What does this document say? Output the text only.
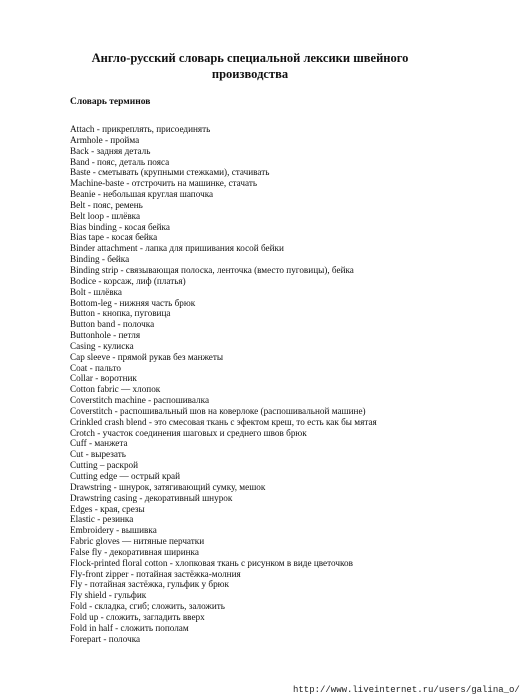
Англо-русский словарь специальной лексики швейного
производства
Словарь терминов
Attach - прикреплять, присоединять
Armhole - пройма
Back - задняя деталь
Band - пояс, деталь пояса
Baste - сметывать (крупными стежками), стачивать
Machine-baste - отстрочить на машинке, стачать
Beanie - небольшая круглая шапочка
Belt - пояс, ремень
Belt loop - шлёвка
Bias binding - косая бейка
Bias tape - косая бейка
Binder attachment - лапка для пришивания косой бейки
Binding - бейка
Binding strip - связывающая полоска, ленточка (вместо пуговицы), бейка
Bodice - корсаж, лиф (платья)
Bolt - шлёвка
Bottom-leg - нижняя часть брюк
Button - кнопка, пуговица
Button band - полочка
Buttonhole - петля
Casing - кулиска
Cap sleeve - прямой рукав без манжеты
Coat - пальто
Collar - воротник
Cotton fabric — хлопок
Coverstitch machine - распошивалка
Coverstitch - распошивальный шов на коверлоке (распошивальной машине)
Crinkled crash blend - это смесовая ткань с эфектом креш, то есть как бы мятая
Crotch - участок соединения шаговых и среднего швов брюк
Cuff - манжета
Cut - вырезать
Cutting – раскрой
Cutting edge — острый край
Drawstring - шнурок, затягивающий сумку, мешок
Drawstring casing - декоративный шнурок
Edges - края, срезы
Elastic - резинка
Embroidery - вышивка
Fabric gloves — нитяные перчатки
False fly - декоративная ширинка
Flock-printed floral cotton - хлопковая ткань с рисунком в виде цветочков
Fly-front zipper - потайная застёжка-молния
Fly - потайная застёжка, гульфик у брюк
Fly shield - гульфик
Fold - складка, сгиб; сложить, заложить
Fold up - сложить, загладить вверх
Fold in half - сложить пополам
Forepart - полочка
http://www.liveinternet.ru/users/galina_o/
